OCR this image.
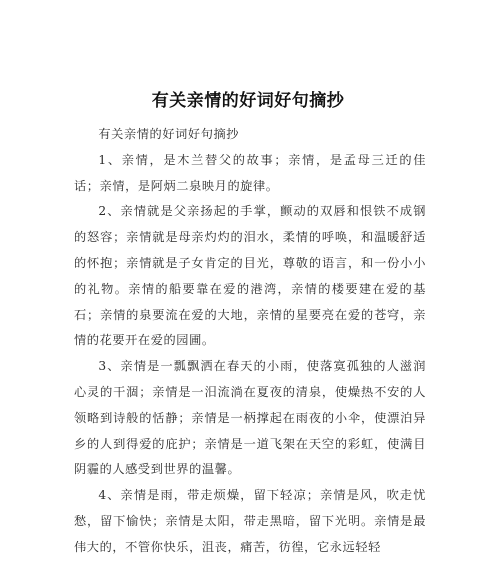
有关亲情的好词好句摘抄

有关亲情的好词好句摘抄

1、亲情，是木兰替父的故事；亲情，是孟母三迁的佳话；亲情，是阿炳二泉映月的旋律。

2、亲情就是父亲扬起的手掌，颤动的双唇和恨铁不成钢的怒容；亲情就是母亲灼灼的泪水，柔情的呼唤，和温暖舒适的怀抱；亲情就是子女肯定的目光，尊敬的语言，和一份小小的礼物。亲情的船要靠在爱的港湾，亲情的楼要建在爱的基石；亲情的泉要流在爱的大地，亲情的星要亮在爱的苍穹，亲情的花要开在爱的园圃。

3、亲情是一瓢飘洒在春天的小雨，使落寞孤独的人滋润心灵的干涸；亲情是一汨流淌在夏夜的清泉，使燥热不安的人领略到诗般的恬静；亲情是一柄撑起在雨夜的小伞，使漂泊异乡的人到得爱的庇护；亲情是一道飞架在天空的彩虹，使满目阴霾的人感受到世界的温馨。

4、亲情是雨，带走烦燥，留下轻凉；亲情是风，吹走忧愁，留下愉快；亲情是太阳，带走黑暗，留下光明。亲情是最伟大的，不管你快乐，沮丧，痛苦，彷徨，它永远轻轻
